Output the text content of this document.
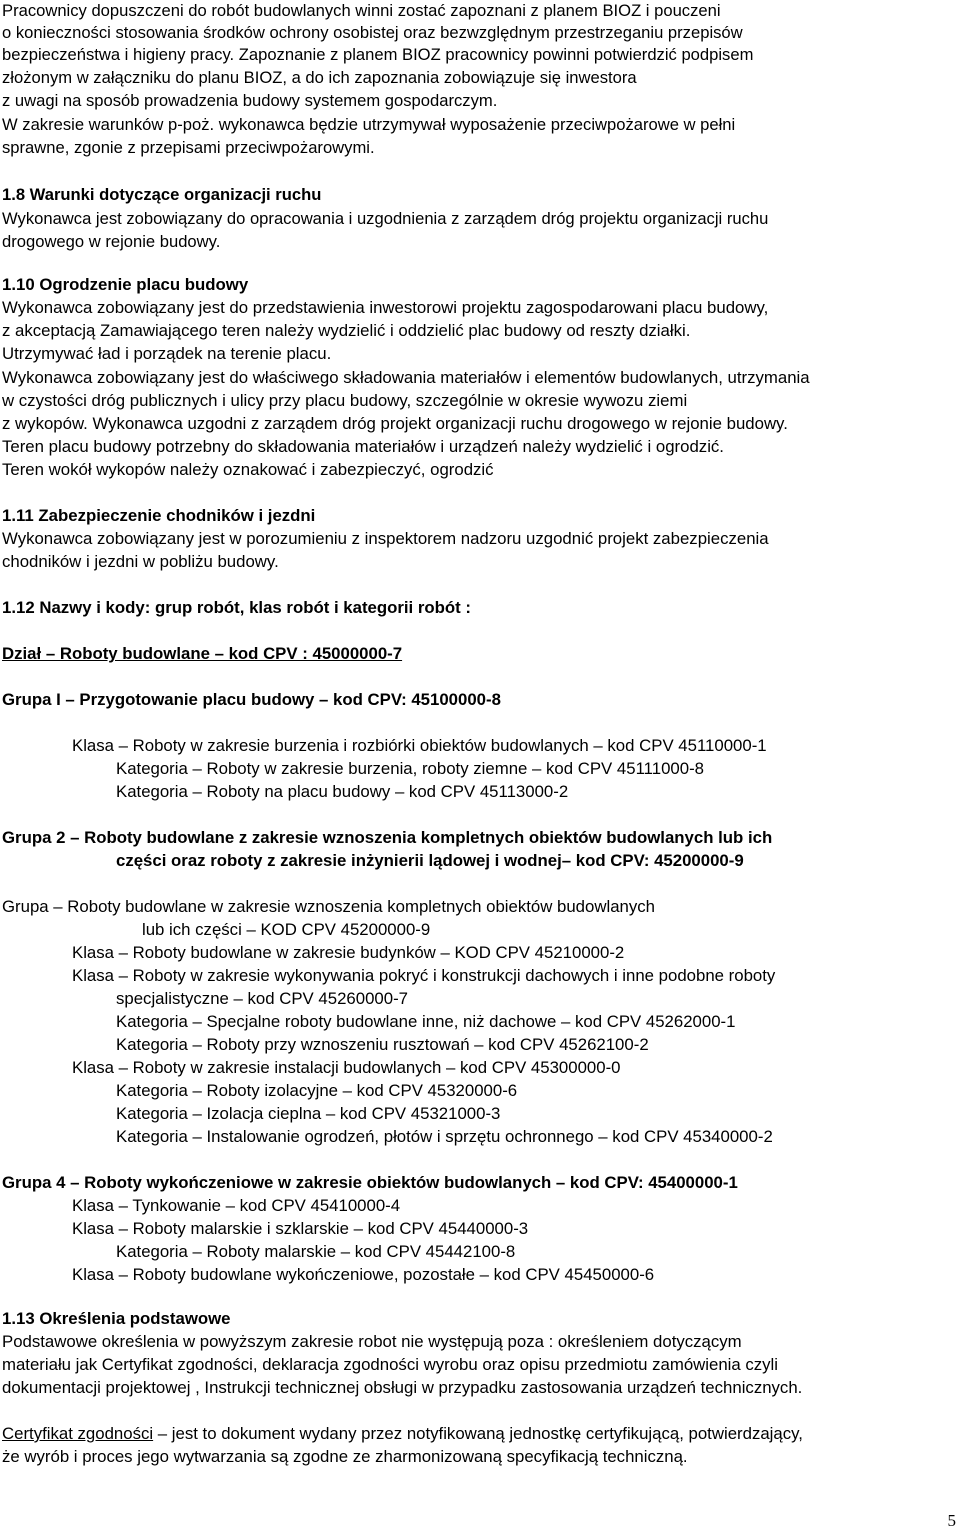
Pracownicy dopuszczeni do robót budowlanych winni zostać zapoznani z planem BIOZ i pouczeni
o konieczności stosowania środków ochrony osobistej oraz bezwzględnym przestrzeganiu przepisów
bezpieczeństwa i higieny pracy. Zapoznanie z planem BIOZ pracownicy powinni potwierdzić podpisem
złożonym w załączniku do planu BIOZ, a do ich zapoznania zobowiązuje się inwestora
z uwagi na sposób prowadzenia budowy systemem gospodarczym.
W zakresie warunków p-poż. wykonawca będzie utrzymywał wyposażenie przeciwpożarowe w pełni
sprawne, zgonie z przepisami przeciwpożarowymi.
1.8 Warunki dotyczące organizacji ruchu
Wykonawca jest zobowiązany do opracowania i uzgodnienia z zarządem dróg projektu organizacji ruchu
drogowego w rejonie budowy.
1.10 Ogrodzenie placu budowy
Wykonawca zobowiązany jest do przedstawienia inwestorowi projektu zagospodarowani placu budowy,
z akceptacją Zamawiającego teren należy wydzielić i oddzielić plac budowy od reszty działki.
Utrzymywać ład i porządek na terenie placu.
Wykonawca zobowiązany jest do właściwego składowania materiałów i elementów budowlanych, utrzymania
w czystości dróg publicznych i ulicy przy placu budowy, szczególnie w okresie wywozu ziemi
z wykopów. Wykonawca uzgodni z zarządem dróg projekt organizacji ruchu drogowego w rejonie budowy.
Teren placu budowy potrzebny do składowania materiałów i urządzeń należy wydzielić i ogrodzić.
Teren wokół wykopów należy oznakować i zabezpieczyć, ogrodzić
1.11 Zabezpieczenie chodników i jezdni
Wykonawca zobowiązany jest w porozumieniu z inspektorem nadzoru uzgodnić projekt zabezpieczenia
chodników i jezdni w pobliżu budowy.
1.12 Nazwy i kody: grup robót, klas robót i kategorii robót :
Dział – Roboty budowlane – kod CPV : 45000000-7
Grupa I – Przygotowanie placu budowy – kod CPV: 45100000-8
Klasa – Roboty w zakresie burzenia i rozbiórki obiektów budowlanych – kod CPV 45110000-1
Kategoria – Roboty w zakresie burzenia, roboty ziemne – kod CPV 45111000-8
Kategoria – Roboty na placu budowy – kod CPV 45113000-2
Grupa 2 – Roboty budowlane z zakresie wznoszenia kompletnych obiektów budowlanych lub ich
części oraz roboty z zakresie inżynierii lądowej i wodnej– kod CPV: 45200000-9
Grupa – Roboty budowlane w zakresie wznoszenia kompletnych obiektów budowlanych
lub ich części – KOD CPV 45200000-9
Klasa – Roboty budowlane w zakresie budynków – KOD CPV 45210000-2
Klasa – Roboty w zakresie wykonywania pokryć i konstrukcji dachowych i inne podobne roboty
specjalistyczne – kod CPV 45260000-7
Kategoria – Specjalne roboty budowlane inne, niż dachowe – kod CPV 45262000-1
Kategoria – Roboty przy wznoszeniu rusztowań – kod CPV 45262100-2
Klasa – Roboty w zakresie instalacji budowlanych – kod CPV 45300000-0
Kategoria – Roboty izolacyjne – kod CPV 45320000-6
Kategoria – Izolacja cieplna – kod CPV 45321000-3
Kategoria – Instalowanie ogrodzeń, płotów i sprzętu ochronnego – kod CPV 45340000-2
Grupa 4 – Roboty wykończeniowe w zakresie obiektów budowlanych – kod CPV: 45400000-1
Klasa – Tynkowanie – kod CPV 45410000-4
Klasa – Roboty malarskie i szklarskie – kod CPV 45440000-3
Kategoria – Roboty malarskie – kod CPV 45442100-8
Klasa – Roboty budowlane wykończeniowe, pozostałe – kod CPV 45450000-6
1.13 Określenia podstawowe
Podstawowe określenia w powyższym zakresie robot nie występują poza : określeniem dotyczącym
materiału jak Certyfikat zgodności, deklaracja zgodności wyrobu oraz opisu przedmiotu zamówienia czyli
dokumentacji projektowej , Instrukcji technicznej obsługi w przypadku zastosowania urządzeń technicznych.
Certyfikat zgodności – jest to dokument wydany przez notyfikowaną jednostkę certyfikującą, potwierdzający,
że wyrób i proces jego wytwarzania są zgodne ze zharmonizowaną specyfikacją techniczną.
5
